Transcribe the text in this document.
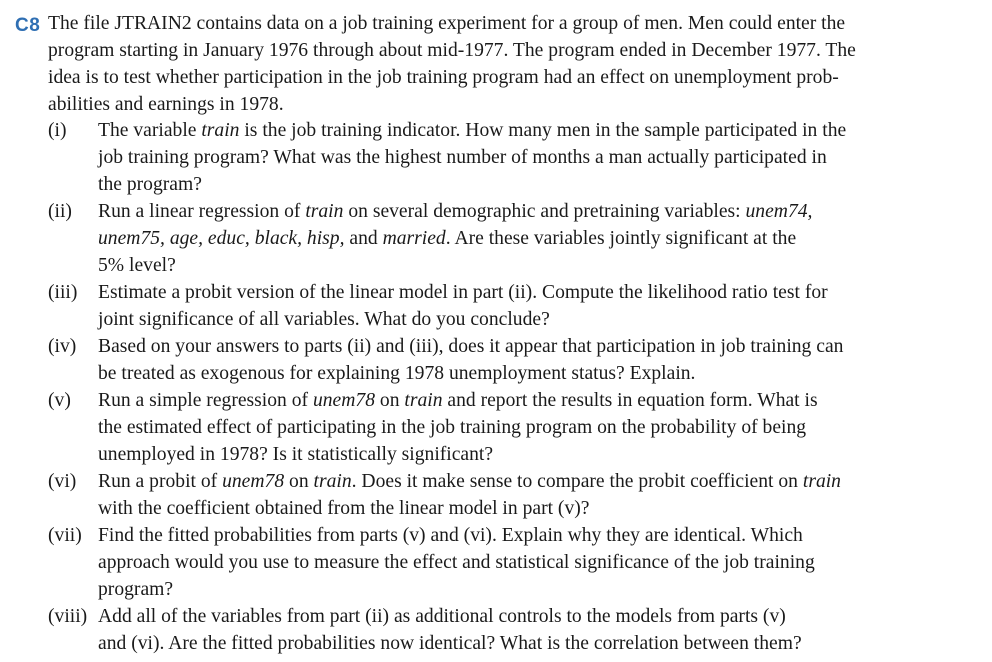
C8 The file JTRAIN2 contains data on a job training experiment for a group of men. Men could enter the
program starting in January 1976 through about mid-1977. The program ended in December 1977. The
idea is to test whether participation in the job training program had an effect on unemployment prob-
abilities and earnings in 1978.
(i) The variable train is the job training indicator. How many men in the sample participated in the
job training program? What was the highest number of months a man actually participated in
the program?
(ii) Run a linear regression of train on several demographic and pretraining variables: unem74,
unem75, age, educ, black, hisp, and married. Are these variables jointly significant at the
5% level?
(iii) Estimate a probit version of the linear model in part (ii). Compute the likelihood ratio test for
joint significance of all variables. What do you conclude?
(iv) Based on your answers to parts (ii) and (iii), does it appear that participation in job training can
be treated as exogenous for explaining 1978 unemployment status? Explain.
(v) Run a simple regression of unem78 on train and report the results in equation form. What is
the estimated effect of participating in the job training program on the probability of being
unemployed in 1978? Is it statistically significant?
(vi) Run a probit of unem78 on train. Does it make sense to compare the probit coefficient on train
with the coefficient obtained from the linear model in part (v)?
(vii) Find the fitted probabilities from parts (v) and (vi). Explain why they are identical. Which
approach would you use to measure the effect and statistical significance of the job training
program?
(viii) Add all of the variables from part (ii) as additional controls to the models from parts (v)
and (vi). Are the fitted probabilities now identical? What is the correlation between them?
